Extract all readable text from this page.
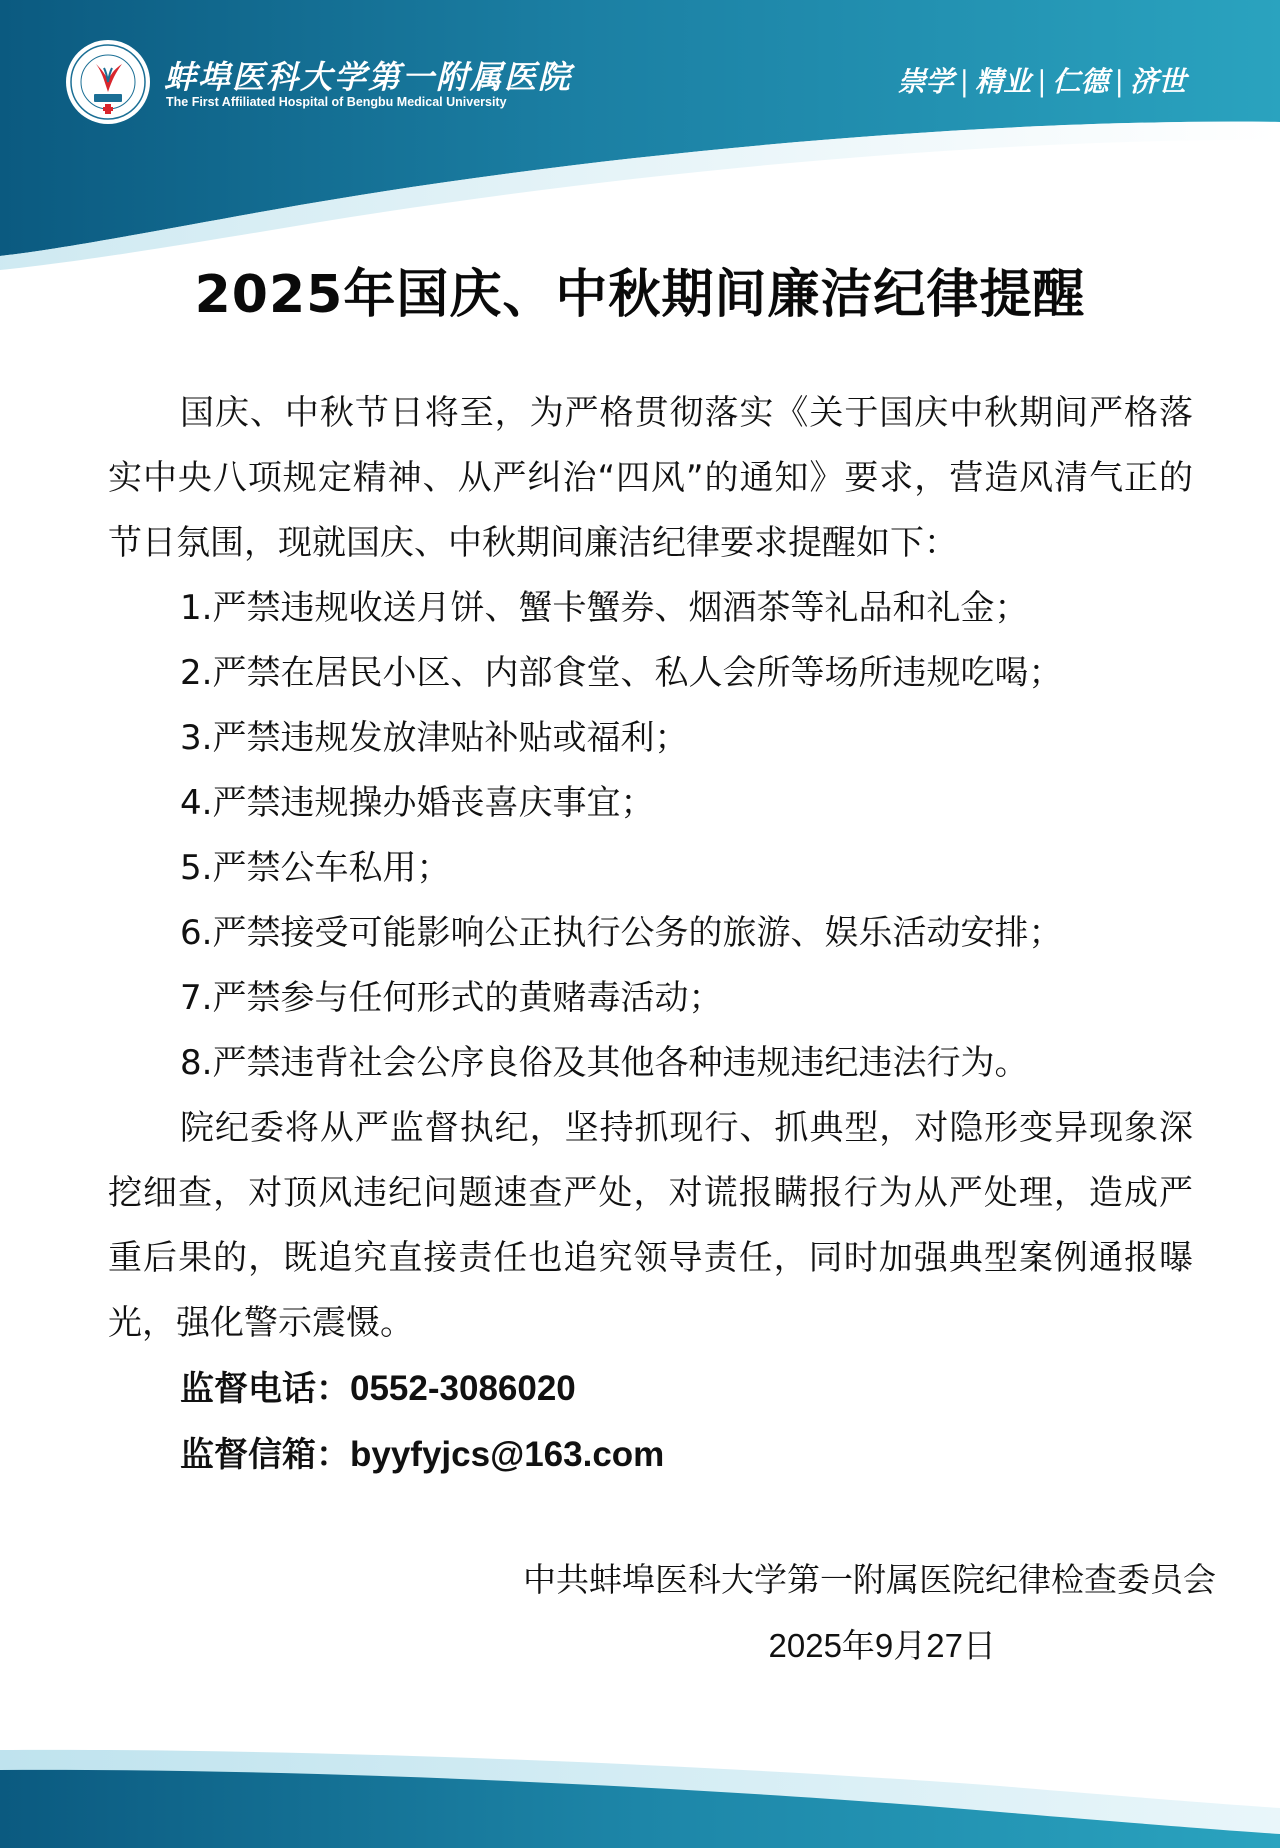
蚌埠医科大学第一附属医院
The First Affiliated Hospital of Bengbu Medical University
崇学 | 精业 | 仁德 | 济世
2025年国庆、中秋期间廉洁纪律提醒

国庆、中秋节日将至，为严格贯彻落实《关于国庆中秋期间严格落实中央八项规定精神、从严纠治“四风”的通知》要求，营造风清气正的节日氛围，现就国庆、中秋期间廉洁纪律要求提醒如下：

1.严禁违规收送月饼、蟹卡蟹券、烟酒茶等礼品和礼金；
2.严禁在居民小区、内部食堂、私人会所等场所违规吃喝；
3.严禁违规发放津贴补贴或福利；
4.严禁违规操办婚丧喜庆事宜；
5.严禁公车私用；
6.严禁接受可能影响公正执行公务的旅游、娱乐活动安排；
7.严禁参与任何形式的黄赌毒活动；
8.严禁违背社会公序良俗及其他各种违规违纪违法行为。

院纪委将从严监督执纪，坚持抓现行、抓典型，对隐形变异现象深挖细查，对顶风违纪问题速查严处，对谎报瞒报行为从严处理，造成严重后果的，既追究直接责任也追究领导责任，同时加强典型案例通报曝光，强化警示震慑。

监督电话：0552-3086020
监督信箱：byyfyjcs@163.com
中共蚌埠医科大学第一附属医院纪律检查委员会
2025年9月27日
